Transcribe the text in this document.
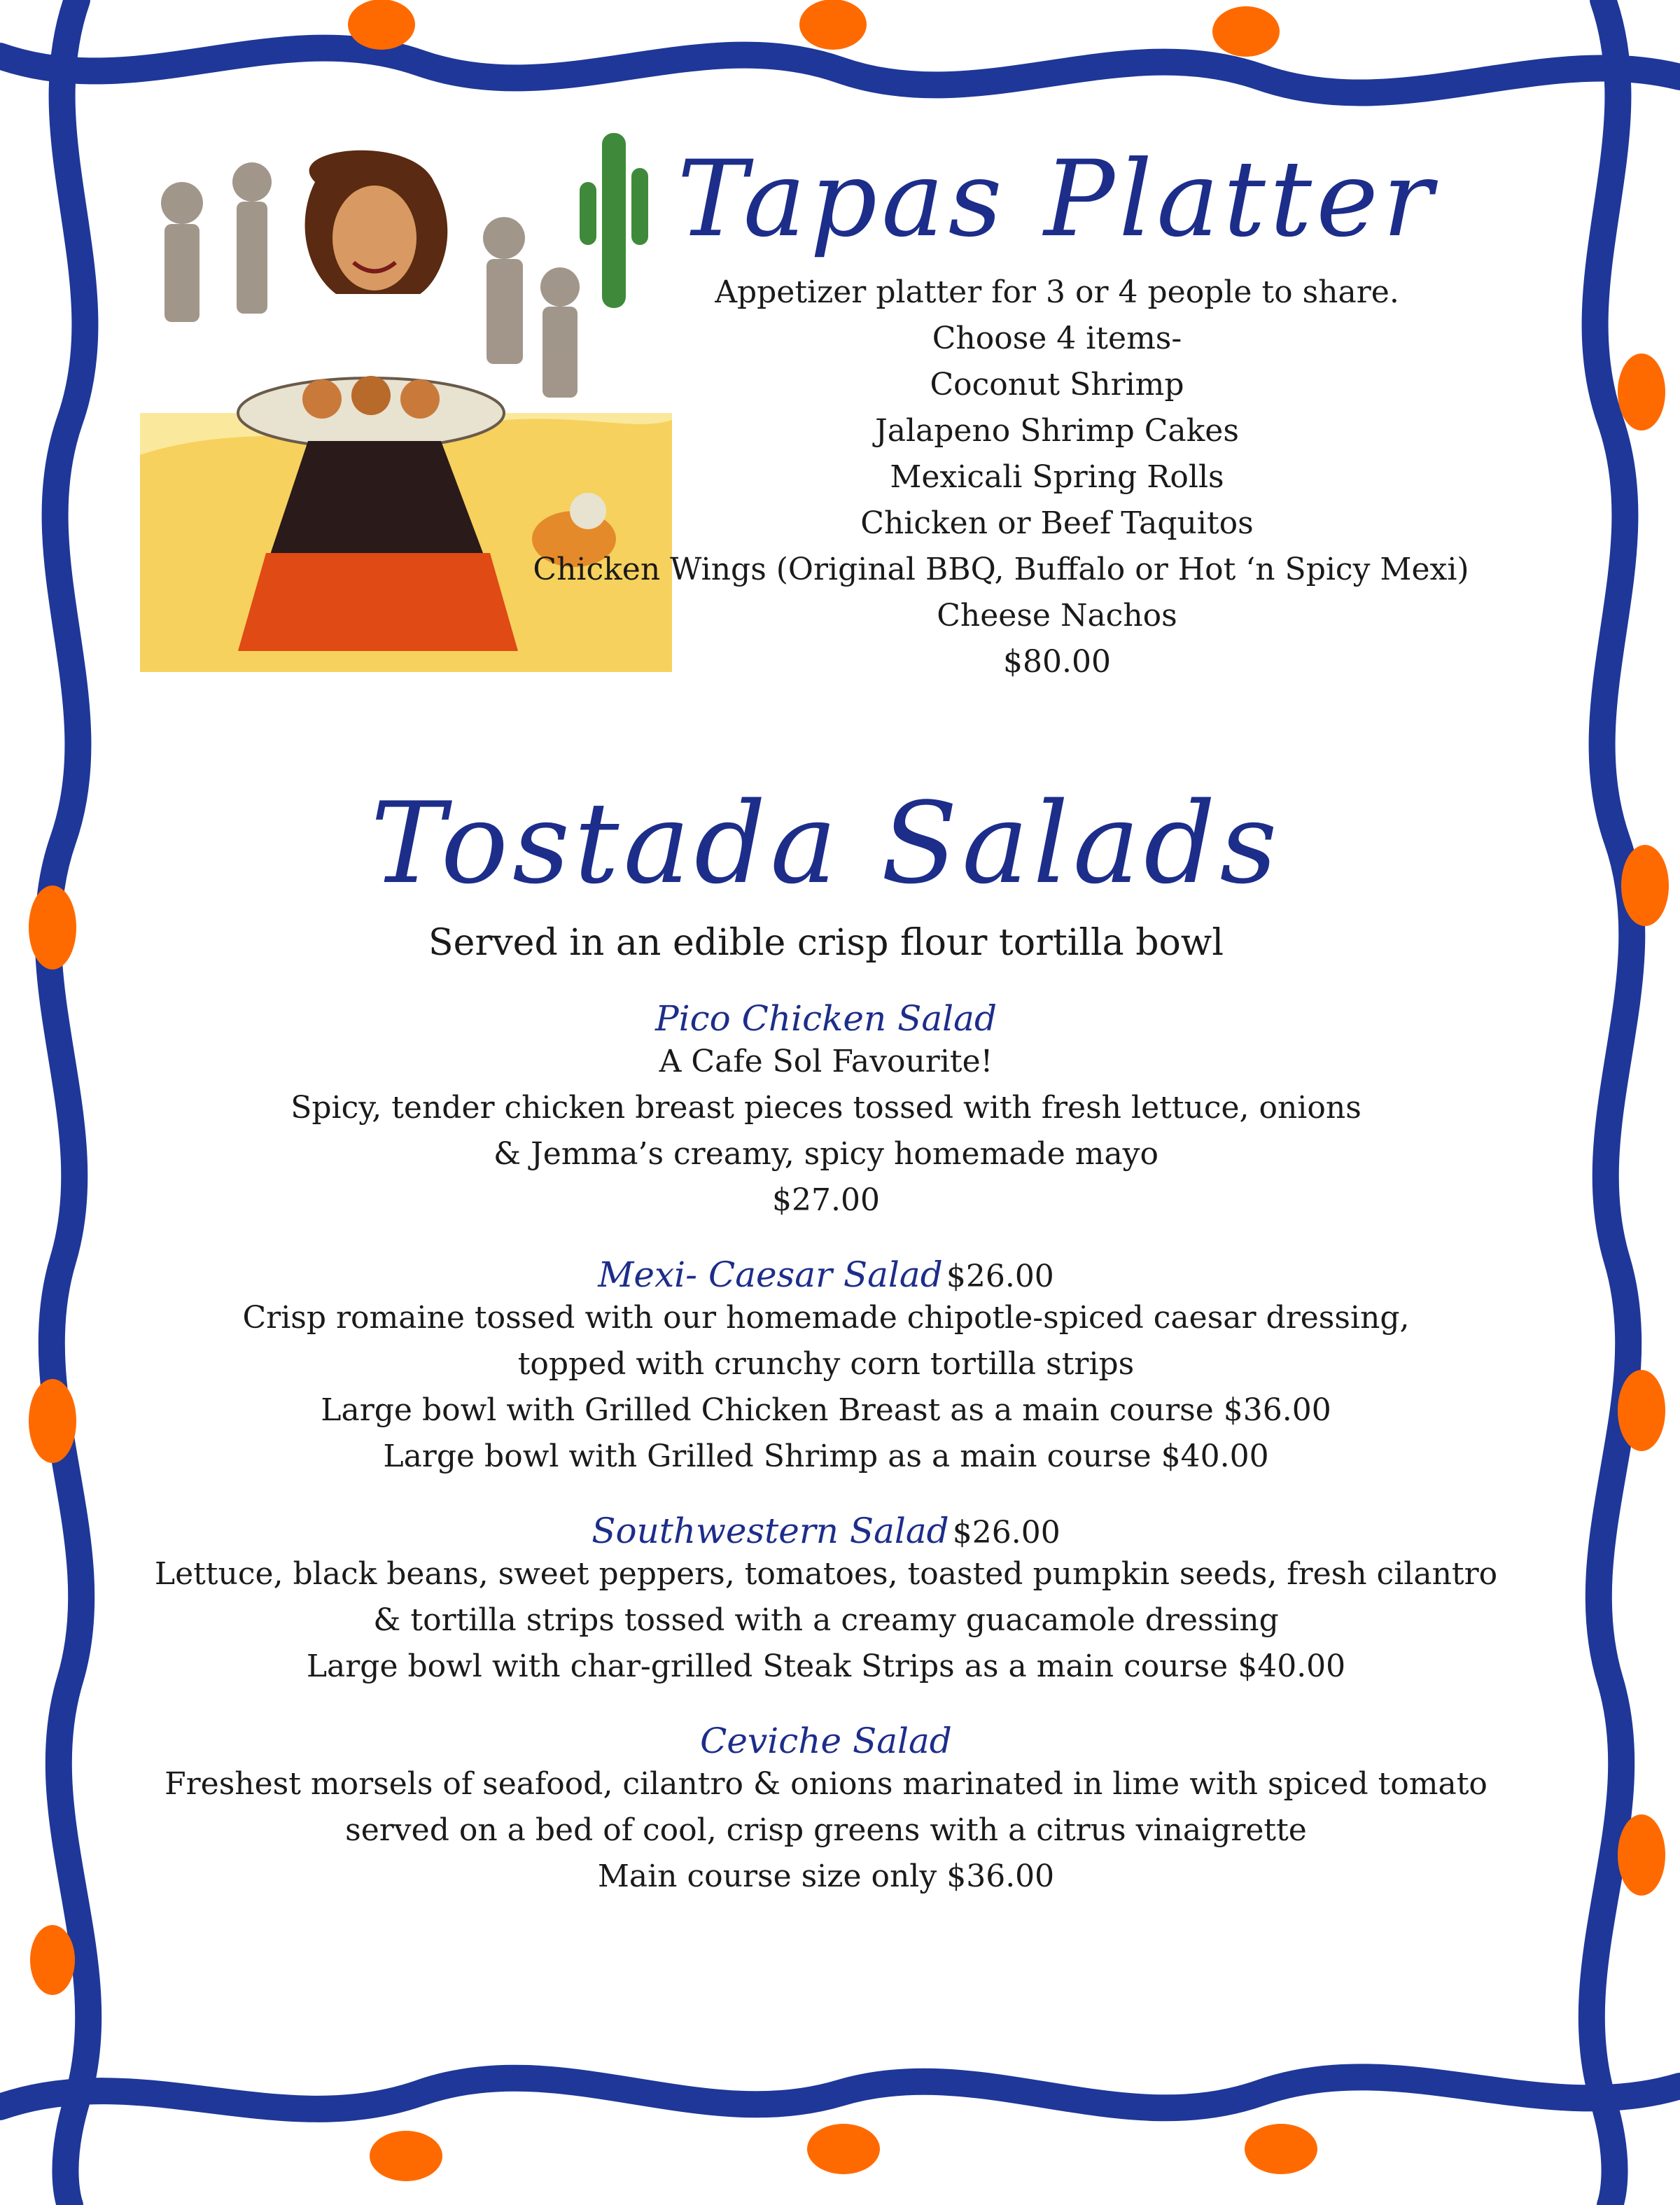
Tapas Platter
Appetizer platter for 3 or 4 people to share.
Choose 4 items-
Coconut Shrimp
Jalapeno Shrimp Cakes
Mexicali Spring Rolls
Chicken or Beef Taquitos
Chicken Wings (Original BBQ, Buffalo or Hot ‘n Spicy Mexi)
Cheese Nachos
$80.00
Tostada Salads
Served in an edible crisp flour tortilla bowl
Pico Chicken Salad
A Cafe Sol Favourite!
Spicy, tender chicken breast pieces tossed with fresh lettuce, onions
& Jemma’s creamy, spicy homemade mayo
$27.00
Mexi- Caesar Salad $26.00
Crisp romaine tossed with our homemade chipotle-spiced caesar dressing,
topped with crunchy corn tortilla strips
Large bowl with Grilled Chicken Breast as a main course $36.00
Large bowl with Grilled Shrimp as a main course $40.00
Southwestern Salad $26.00
Lettuce, black beans, sweet peppers, tomatoes, toasted pumpkin seeds, fresh cilantro
& tortilla strips tossed with a creamy guacamole dressing
Large bowl with char-grilled Steak Strips as a main course $40.00
Ceviche Salad
Freshest morsels of seafood, cilantro & onions marinated in lime with spiced tomato
served on a bed of cool, crisp greens with a citrus vinaigrette
Main course size only $36.00
